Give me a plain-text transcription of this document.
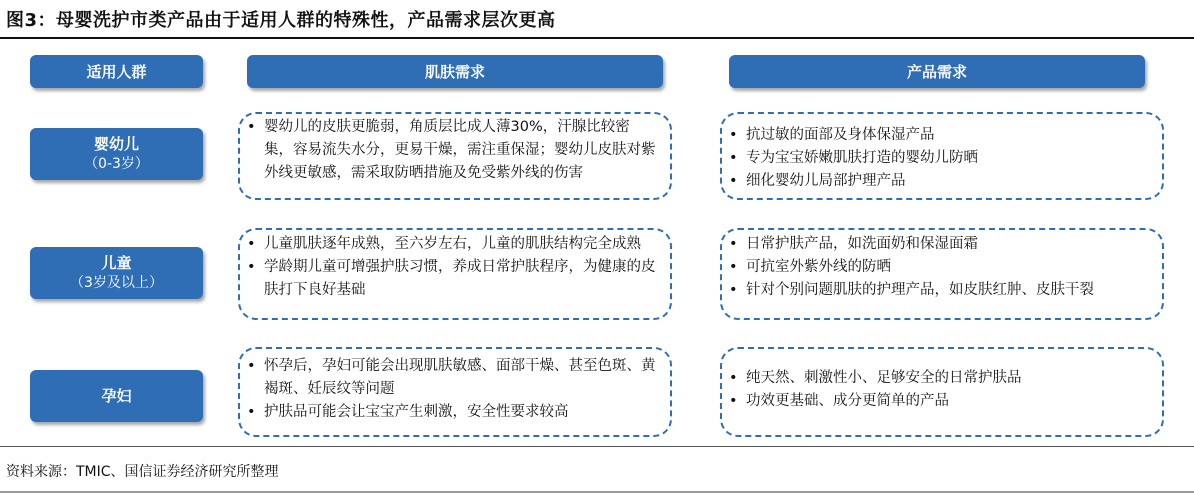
图3：母婴洗护市类产品由于适用人群的特殊性，产品需求层次更高
适用人群	肌肤需求	产品需求
婴幼儿
（0-3岁）
• 婴幼儿的皮肤更脆弱，角质层比成人薄30%，汗腺比较密集，容易流失水分，更易干燥，需注重保湿；婴幼儿皮肤对紫外线更敏感，需采取防晒措施及免受紫外线的伤害
• 抗过敏的面部及身体保湿产品
• 专为宝宝娇嫩肌肤打造的婴幼儿防晒
• 细化婴幼儿局部护理产品
儿童
（3岁及以上）
• 儿童肌肤逐年成熟，至六岁左右，儿童的肌肤结构完全成熟
• 学龄期儿童可增强护肤习惯，养成日常护肤程序，为健康的皮肤打下良好基础
• 日常护肤产品，如洗面奶和保湿面霜
• 可抗室外紫外线的防晒
• 针对个别问题肌肤的护理产品，如皮肤红肿、皮肤干裂
孕妇
• 怀孕后，孕妇可能会出现肌肤敏感、面部干燥、甚至色斑、黄褐斑、妊辰纹等问题
• 护肤品可能会让宝宝产生刺激，安全性要求较高
• 纯天然、刺激性小、足够安全的日常护肤品
• 功效更基础、成分更简单的产品
资料来源：TMIC、国信证券经济研究所整理
